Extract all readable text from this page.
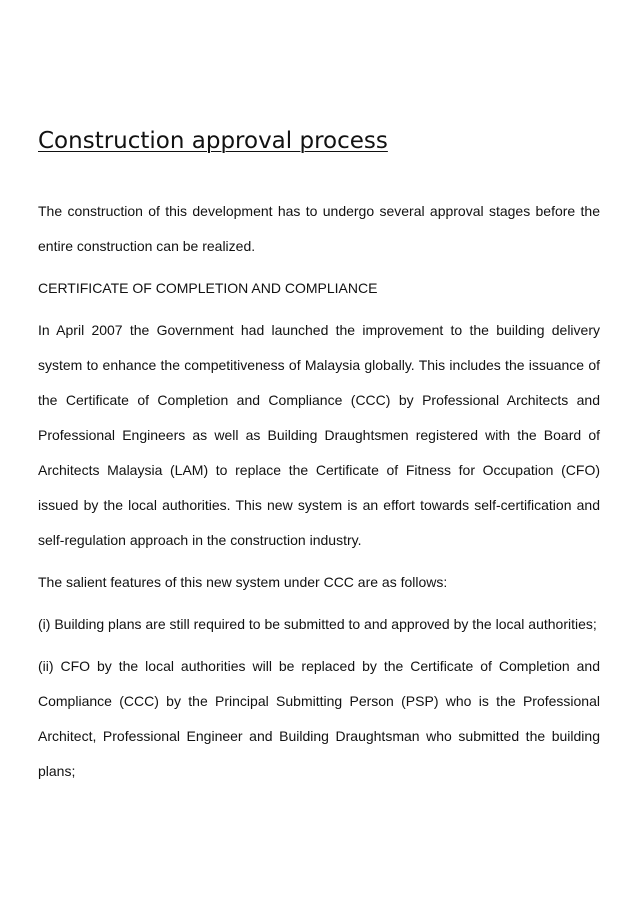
Construction approval process

The construction of this development has to undergo several approval stages before the entire construction can be realized.

CERTIFICATE OF COMPLETION AND COMPLIANCE

In April 2007 the Government had launched the improvement to the building delivery system to enhance the competitiveness of Malaysia globally. This includes the issuance of the Certificate of Completion and Compliance (CCC) by Professional Architects and Professional Engineers as well as Building Draughtsmen registered with the Board of Architects Malaysia (LAM) to replace the Certificate of Fitness for Occupation (CFO) issued by the local authorities. This new system is an effort towards self-certification and self-regulation approach in the construction industry.

The salient features of this new system under CCC are as follows:

(i) Building plans are still required to be submitted to and approved by the local authorities;

(ii) CFO by the local authorities will be replaced by the Certificate of Completion and Compliance (CCC) by the Principal Submitting Person (PSP) who is the Professional Architect, Professional Engineer and Building Draughtsman who submitted the building plans;
